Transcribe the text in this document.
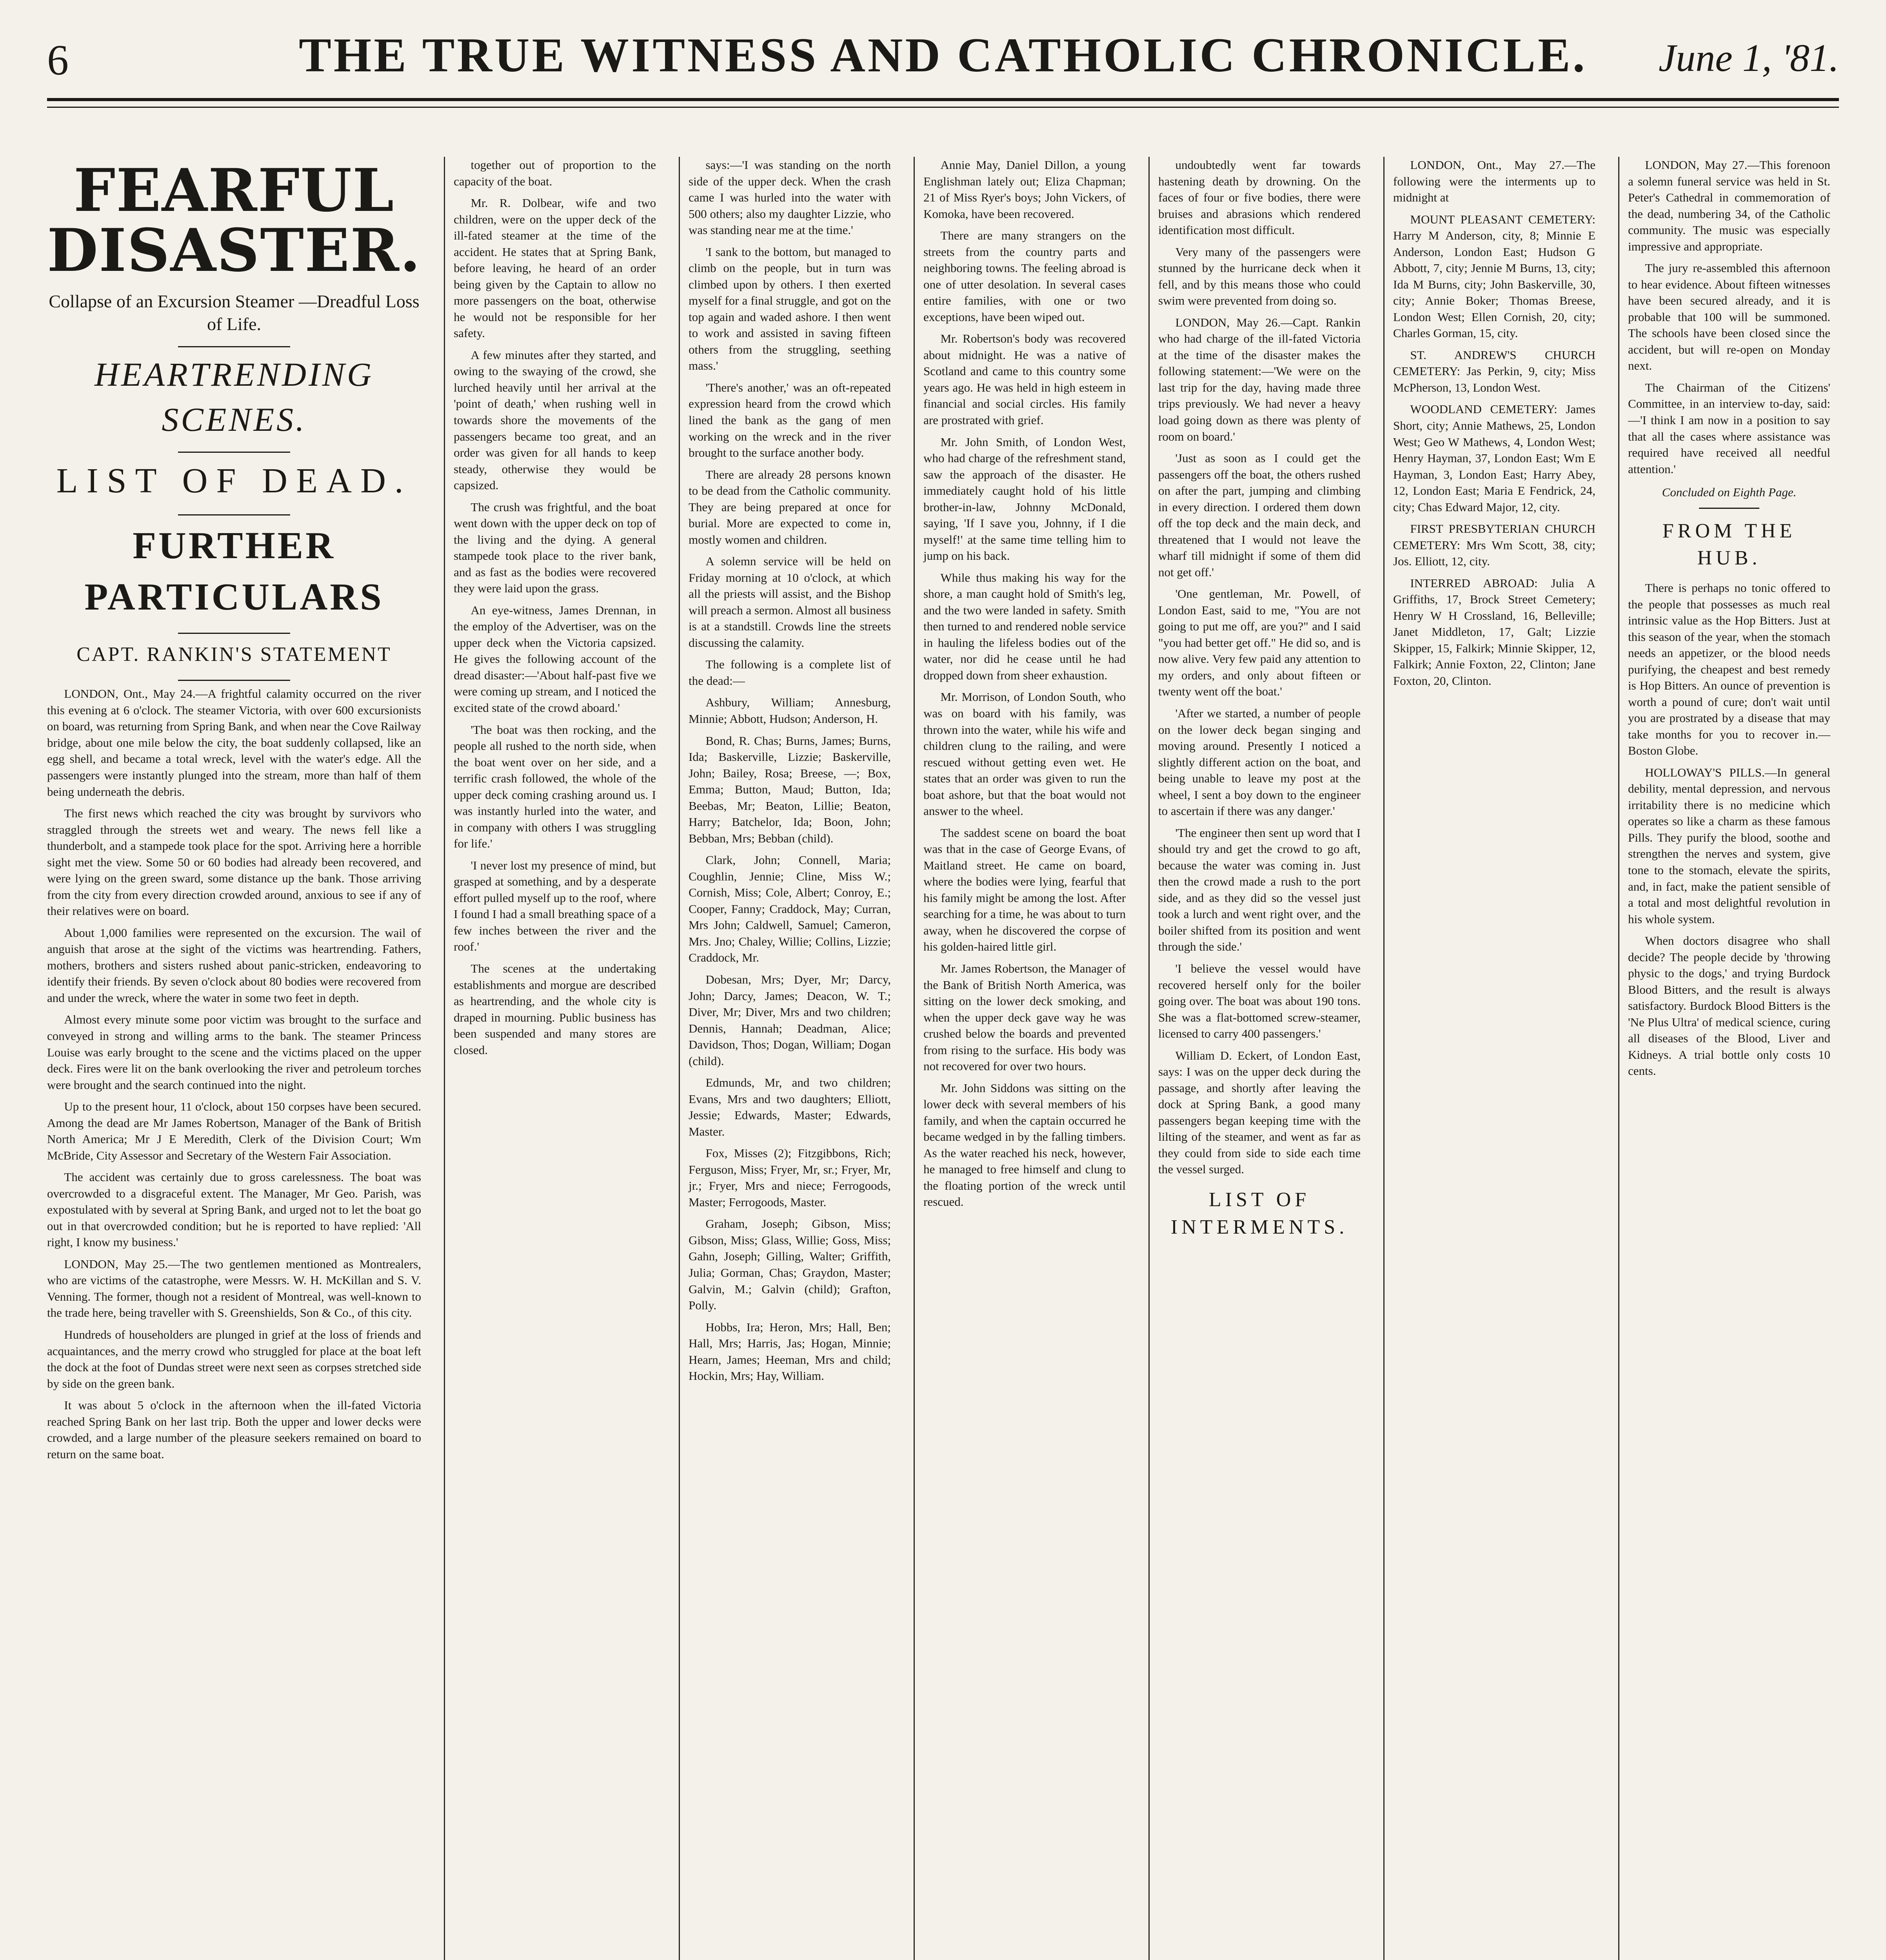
6	THE TRUE WITNESS AND CATHOLIC CHRONICLE.	June 1, '81.
FEARFUL DISASTER.
Collapse of an Excursion Steamer —Dreadful Loss of Life.
HEARTRENDING SCENES.
LIST OF DEAD.
FURTHER PARTICULARS
CAPT. RANKIN'S STATEMENT

LONDON, Ont., May 24.—A frightful calamity occurred on the river this evening at 6 o'clock. The steamer Victoria, with over 600 excursionists on board, was returning from Spring Bank, and when near the Cove Railway bridge, about one mile below the city, the boat suddenly collapsed, like an egg shell, and became a total wreck, level with the water's edge. All the passengers were instantly plunged into the stream, more than half of them being underneath the debris.

The first news which reached the city was brought by survivors who straggled through the streets wet and weary. The news fell like a thunderbolt, and a stampede took place for the spot. Arriving here a horrible sight met the view. Some 50 or 60 bodies had already been recovered, and were lying on the green sward, some distance up the bank. Those arriving from the city from every direction crowded around, anxious to see if any of their relatives were on board.

About 1,000 families were represented on the excursion. The wail of anguish that arose at the sight of the victims was heartrending. Fathers, mothers, brothers and sisters rushed about panic-stricken, endeavoring to identify their friends. By seven o'clock about 80 bodies were recovered from and under the wreck, where the water in some two feet in depth.

Almost every minute some poor victim was brought to the surface and conveyed in strong and willing arms to the bank. The steamer Princess Louise was early brought to the scene and the victims placed on the upper deck. Fires were lit on the bank overlooking the river and petroleum torches were brought and the search continued into the night.

Up to the present hour, 11 o'clock, about 150 corpses have been secured. Among the dead are Mr James Robertson, Manager of the Bank of British North America; Mr J E Meredith, Clerk of the Division Court; Wm McBride, City Assessor and Secretary of the Western Fair Association.

The accident was certainly due to gross carelessness. The boat was overcrowded to a disgraceful extent. The Manager, Mr Geo. Parish, was expostulated with by several at Spring Bank, and urged not to let the boat go out in that overcrowded condition; but he is reported to have replied: 'All right, I know my business.'

LONDON, May 25.—The two gentlemen mentioned as Montrealers, who are victims of the catastrophe, were Messrs. W. H. McKillan and S. V. Venning. The former, though not a resident of Montreal, was well-known to the trade here, being traveller with S. Greenshields, Son & Co., of this city.

Hundreds of householders are plunged in grief at the loss of friends and acquaintances, and the merry crowd who struggled for place at the boat left the dock at the foot of Dundas street were next seen as corpses stretched side by side on the green bank.

It was about 5 o'clock in the afternoon when the ill-fated Victoria reached Spring Bank on her last trip. Both the upper and lower decks were crowded, and a large number of the pleasure seekers remained on board to return on the same boat.

together out of proportion to the capacity of the boat.

Mr. R. Dolbear, wife and two children, were on the upper deck of the ill-fated steamer at the time of the accident. He states that at Spring Bank, before leaving, he heard of an order being given by the Captain to allow no more passengers on the boat, otherwise he would not be responsible for her safety.

A few minutes after they started, and owing to the swaying of the crowd, she lurched heavily until her arrival at the 'point of death,' when rushing well in towards shore the movements of the passengers became too great, and an order was given for all hands to keep steady, otherwise they would be capsized.

The crush was frightful, and the boat went down with the upper deck on top of the living and the dying. A general stampede took place to the river bank, and as fast as the bodies were recovered they were laid upon the grass.

An eye-witness, James Drennan, in the employ of the Advertiser, was on the upper deck when the Victoria capsized. He gives the following account of the dread disaster:—'About half-past five we were coming up stream, and I noticed the excited state of the crowd aboard.'

'The boat was then rocking, and the people all rushed to the north side, when the boat went over on her side, and a terrific crash followed, the whole of the upper deck coming crashing around us. I was instantly hurled into the water, and in company with others I was struggling for life.'

'I never lost my presence of mind, but grasped at something, and by a desperate effort pulled myself up to the roof, where I found I had a small breathing space of a few inches between the river and the roof.'

The scenes at the undertaking establishments and morgue are described as heartrending, and the whole city is draped in mourning. Public business has been suspended and many stores are closed.

says:—'I was standing on the north side of the upper deck. When the crash came I was hurled into the water with 500 others; also my daughter Lizzie, who was standing near me at the time.'

'I sank to the bottom, but managed to climb on the people, but in turn was climbed upon by others. I then exerted myself for a final struggle, and got on the top again and waded ashore. I then went to work and assisted in saving fifteen others from the struggling, seething mass.'

'There's another,' was an oft-repeated expression heard from the crowd which lined the bank as the gang of men working on the wreck and in the river brought to the surface another body.

There are already 28 persons known to be dead from the Catholic community. They are being prepared at once for burial. More are expected to come in, mostly women and children.

A solemn service will be held on Friday morning at 10 o'clock, at which all the priests will assist, and the Bishop will preach a sermon. Almost all business is at a standstill. Crowds line the streets discussing the calamity.

The following is a complete list of the dead:—

Ashbury, William; Annesburg, Minnie; Abbott, Hudson; Anderson, H.

Bond, R. Chas; Burns, James; Burns, Ida; Baskerville, Lizzie; Baskerville, John; Bailey, Rosa; Breese, —; Box, Emma; Button, Maud; Button, Ida; Beebas, Mr; Beaton, Lillie; Beaton, Harry; Batchelor, Ida; Boon, John; Bebban, Mrs; Bebban (child).

Clark, John; Connell, Maria; Coughlin, Jennie; Cline, Miss W.; Cornish, Miss; Cole, Albert; Conroy, E.; Cooper, Fanny; Craddock, May; Curran, Mrs John; Caldwell, Samuel; Cameron, Mrs. Jno; Chaley, Willie; Collins, Lizzie; Craddock, Mr.

Dobesan, Mrs; Dyer, Mr; Darcy, John; Darcy, James; Deacon, W. T.; Diver, Mr; Diver, Mrs and two children; Dennis, Hannah; Deadman, Alice; Davidson, Thos; Dogan, William; Dogan (child).

Edmunds, Mr, and two children; Evans, Mrs and two daughters; Elliott, Jessie; Edwards, Master; Edwards, Master.

Fox, Misses (2); Fitzgibbons, Rich; Ferguson, Miss; Fryer, Mr, sr.; Fryer, Mr, jr.; Fryer, Mrs and niece; Ferrogoods, Master; Ferrogoods, Master.

Graham, Joseph; Gibson, Miss; Gibson, Miss; Glass, Willie; Goss, Miss; Gahn, Joseph; Gilling, Walter; Griffith, Julia; Gorman, Chas; Graydon, Master; Galvin, M.; Galvin (child); Grafton, Polly.

Hobbs, Ira; Heron, Mrs; Hall, Ben; Hall, Mrs; Harris, Jas; Hogan, Minnie; Hearn, James; Heeman, Mrs and child; Hockin, Mrs; Hay, William.

Annie May, Daniel Dillon, a young Englishman lately out; Eliza Chapman; 21 of Miss Ryer's boys; John Vickers, of Komoka, have been recovered.

There are many strangers on the streets from the country parts and neighboring towns. The feeling abroad is one of utter desolation. In several cases entire families, with one or two exceptions, have been wiped out.

Mr. Robertson's body was recovered about midnight. He was a native of Scotland and came to this country some years ago. He was held in high esteem in financial and social circles. His family are prostrated with grief.

Mr. John Smith, of London West, who had charge of the refreshment stand, saw the approach of the disaster. He immediately caught hold of his little brother-in-law, Johnny McDonald, saying, 'If I save you, Johnny, if I die myself!' at the same time telling him to jump on his back.

While thus making his way for the shore, a man caught hold of Smith's leg, and the two were landed in safety. Smith then turned to and rendered noble service in hauling the lifeless bodies out of the water, nor did he cease until he had dropped down from sheer exhaustion.

Mr. Morrison, of London South, who was on board with his family, was thrown into the water, while his wife and children clung to the railing, and were rescued without getting even wet. He states that an order was given to run the boat ashore, but that the boat would not answer to the wheel.

The saddest scene on board the boat was that in the case of George Evans, of Maitland street. He came on board, where the bodies were lying, fearful that his family might be among the lost. After searching for a time, he was about to turn away, when he discovered the corpse of his golden-haired little girl.

Mr. James Robertson, the Manager of the Bank of British North America, was sitting on the lower deck smoking, and when the upper deck gave way he was crushed below the boards and prevented from rising to the surface. His body was not recovered for over two hours.

Mr. John Siddons was sitting on the lower deck with several members of his family, and when the captain occurred he became wedged in by the falling timbers. As the water reached his neck, however, he managed to free himself and clung to the floating portion of the wreck until rescued.

undoubtedly went far towards hastening death by drowning. On the faces of four or five bodies, there were bruises and abrasions which rendered identification most difficult.

Very many of the passengers were stunned by the hurricane deck when it fell, and by this means those who could swim were prevented from doing so.

LONDON, May 26.—Capt. Rankin who had charge of the ill-fated Victoria at the time of the disaster makes the following statement:—'We were on the last trip for the day, having made three trips previously. We had never a heavy load going down as there was plenty of room on board.'

'Just as soon as I could get the passengers off the boat, the others rushed on after the part, jumping and climbing in every direction. I ordered them down off the top deck and the main deck, and threatened that I would not leave the wharf till midnight if some of them did not get off.'

'One gentleman, Mr. Powell, of London East, said to me, "You are not going to put me off, are you?" and I said "you had better get off." He did so, and is now alive. Very few paid any attention to my orders, and only about fifteen or twenty went off the boat.'

'After we started, a number of people on the lower deck began singing and moving around. Presently I noticed a slightly different action on the boat, and being unable to leave my post at the wheel, I sent a boy down to the engineer to ascertain if there was any danger.'

'The engineer then sent up word that I should try and get the crowd to go aft, because the water was coming in. Just then the crowd made a rush to the port side, and as they did so the vessel just took a lurch and went right over, and the boiler shifted from its position and went through the side.'

'I believe the vessel would have recovered herself only for the boiler going over. The boat was about 190 tons. She was a flat-bottomed screw-steamer, licensed to carry 400 passengers.'

William D. Eckert, of London East, says: I was on the upper deck during the passage, and shortly after leaving the dock at Spring Bank, a good many passengers began keeping time with the lilting of the steamer, and went as far as they could from side to side each time the vessel surged.

LIST OF INTERMENTS.

LONDON, Ont., May 27.—The following were the interments up to midnight at

MOUNT PLEASANT CEMETERY: Harry M Anderson, city, 8; Minnie E Anderson, London East; Hudson G Abbott, 7, city; Jennie M Burns, 13, city; Ida M Burns, city; John Baskerville, 30, city; Annie Boker; Thomas Breese, London West; Ellen Cornish, 20, city; Charles Gorman, 15, city.

ST. ANDREW'S CHURCH CEMETERY: Jas Perkin, 9, city; Miss McPherson, 13, London West.

WOODLAND CEMETERY: James Short, city; Annie Mathews, 25, London West; Geo W Mathews, 4, London West; Henry Hayman, 37, London East; Wm E Hayman, 3, London East; Harry Abey, 12, London East; Maria E Fendrick, 24, city; Chas Edward Major, 12, city.

FIRST PRESBYTERIAN CHURCH CEMETERY: Mrs Wm Scott, 38, city; Jos. Elliott, 12, city.

INTERRED ABROAD: Julia A Griffiths, 17, Brock Street Cemetery; Henry W H Crossland, 16, Belleville; Janet Middleton, 17, Galt; Lizzie Skipper, 15, Falkirk; Minnie Skipper, 12, Falkirk; Annie Foxton, 22, Clinton; Jane Foxton, 20, Clinton.

LONDON, May 27.—This forenoon a solemn funeral service was held in St. Peter's Cathedral in commemoration of the dead, numbering 34, of the Catholic community. The music was especially impressive and appropriate.

The jury re-assembled this afternoon to hear evidence. About fifteen witnesses have been secured already, and it is probable that 100 will be summoned. The schools have been closed since the accident, but will re-open on Monday next.

The Chairman of the Citizens' Committee, in an interview to-day, said:—'I think I am now in a position to say that all the cases where assistance was required have received all needful attention.'

Concluded on Eighth Page.
FROM THE HUB.

There is perhaps no tonic offered to the people that possesses as much real intrinsic value as the Hop Bitters. Just at this season of the year, when the stomach needs an appetizer, or the blood needs purifying, the cheapest and best remedy is Hop Bitters. An ounce of prevention is worth a pound of cure; don't wait until you are prostrated by a disease that may take months for you to recover in.—Boston Globe.

HOLLOWAY'S PILLS.—In general debility, mental depression, and nervous irritability there is no medicine which operates so like a charm as these famous Pills. They purify the blood, soothe and strengthen the nerves and system, give tone to the stomach, elevate the spirits, and, in fact, make the patient sensible of a total and most delightful revolution in his whole system.

When doctors disagree who shall decide? The people decide by 'throwing physic to the dogs,' and trying Burdock Blood Bitters, and the result is always satisfactory. Burdock Blood Bitters is the 'Ne Plus Ultra' of medical science, curing all diseases of the Blood, Liver and Kidneys. A trial bottle only costs 10 cents.
